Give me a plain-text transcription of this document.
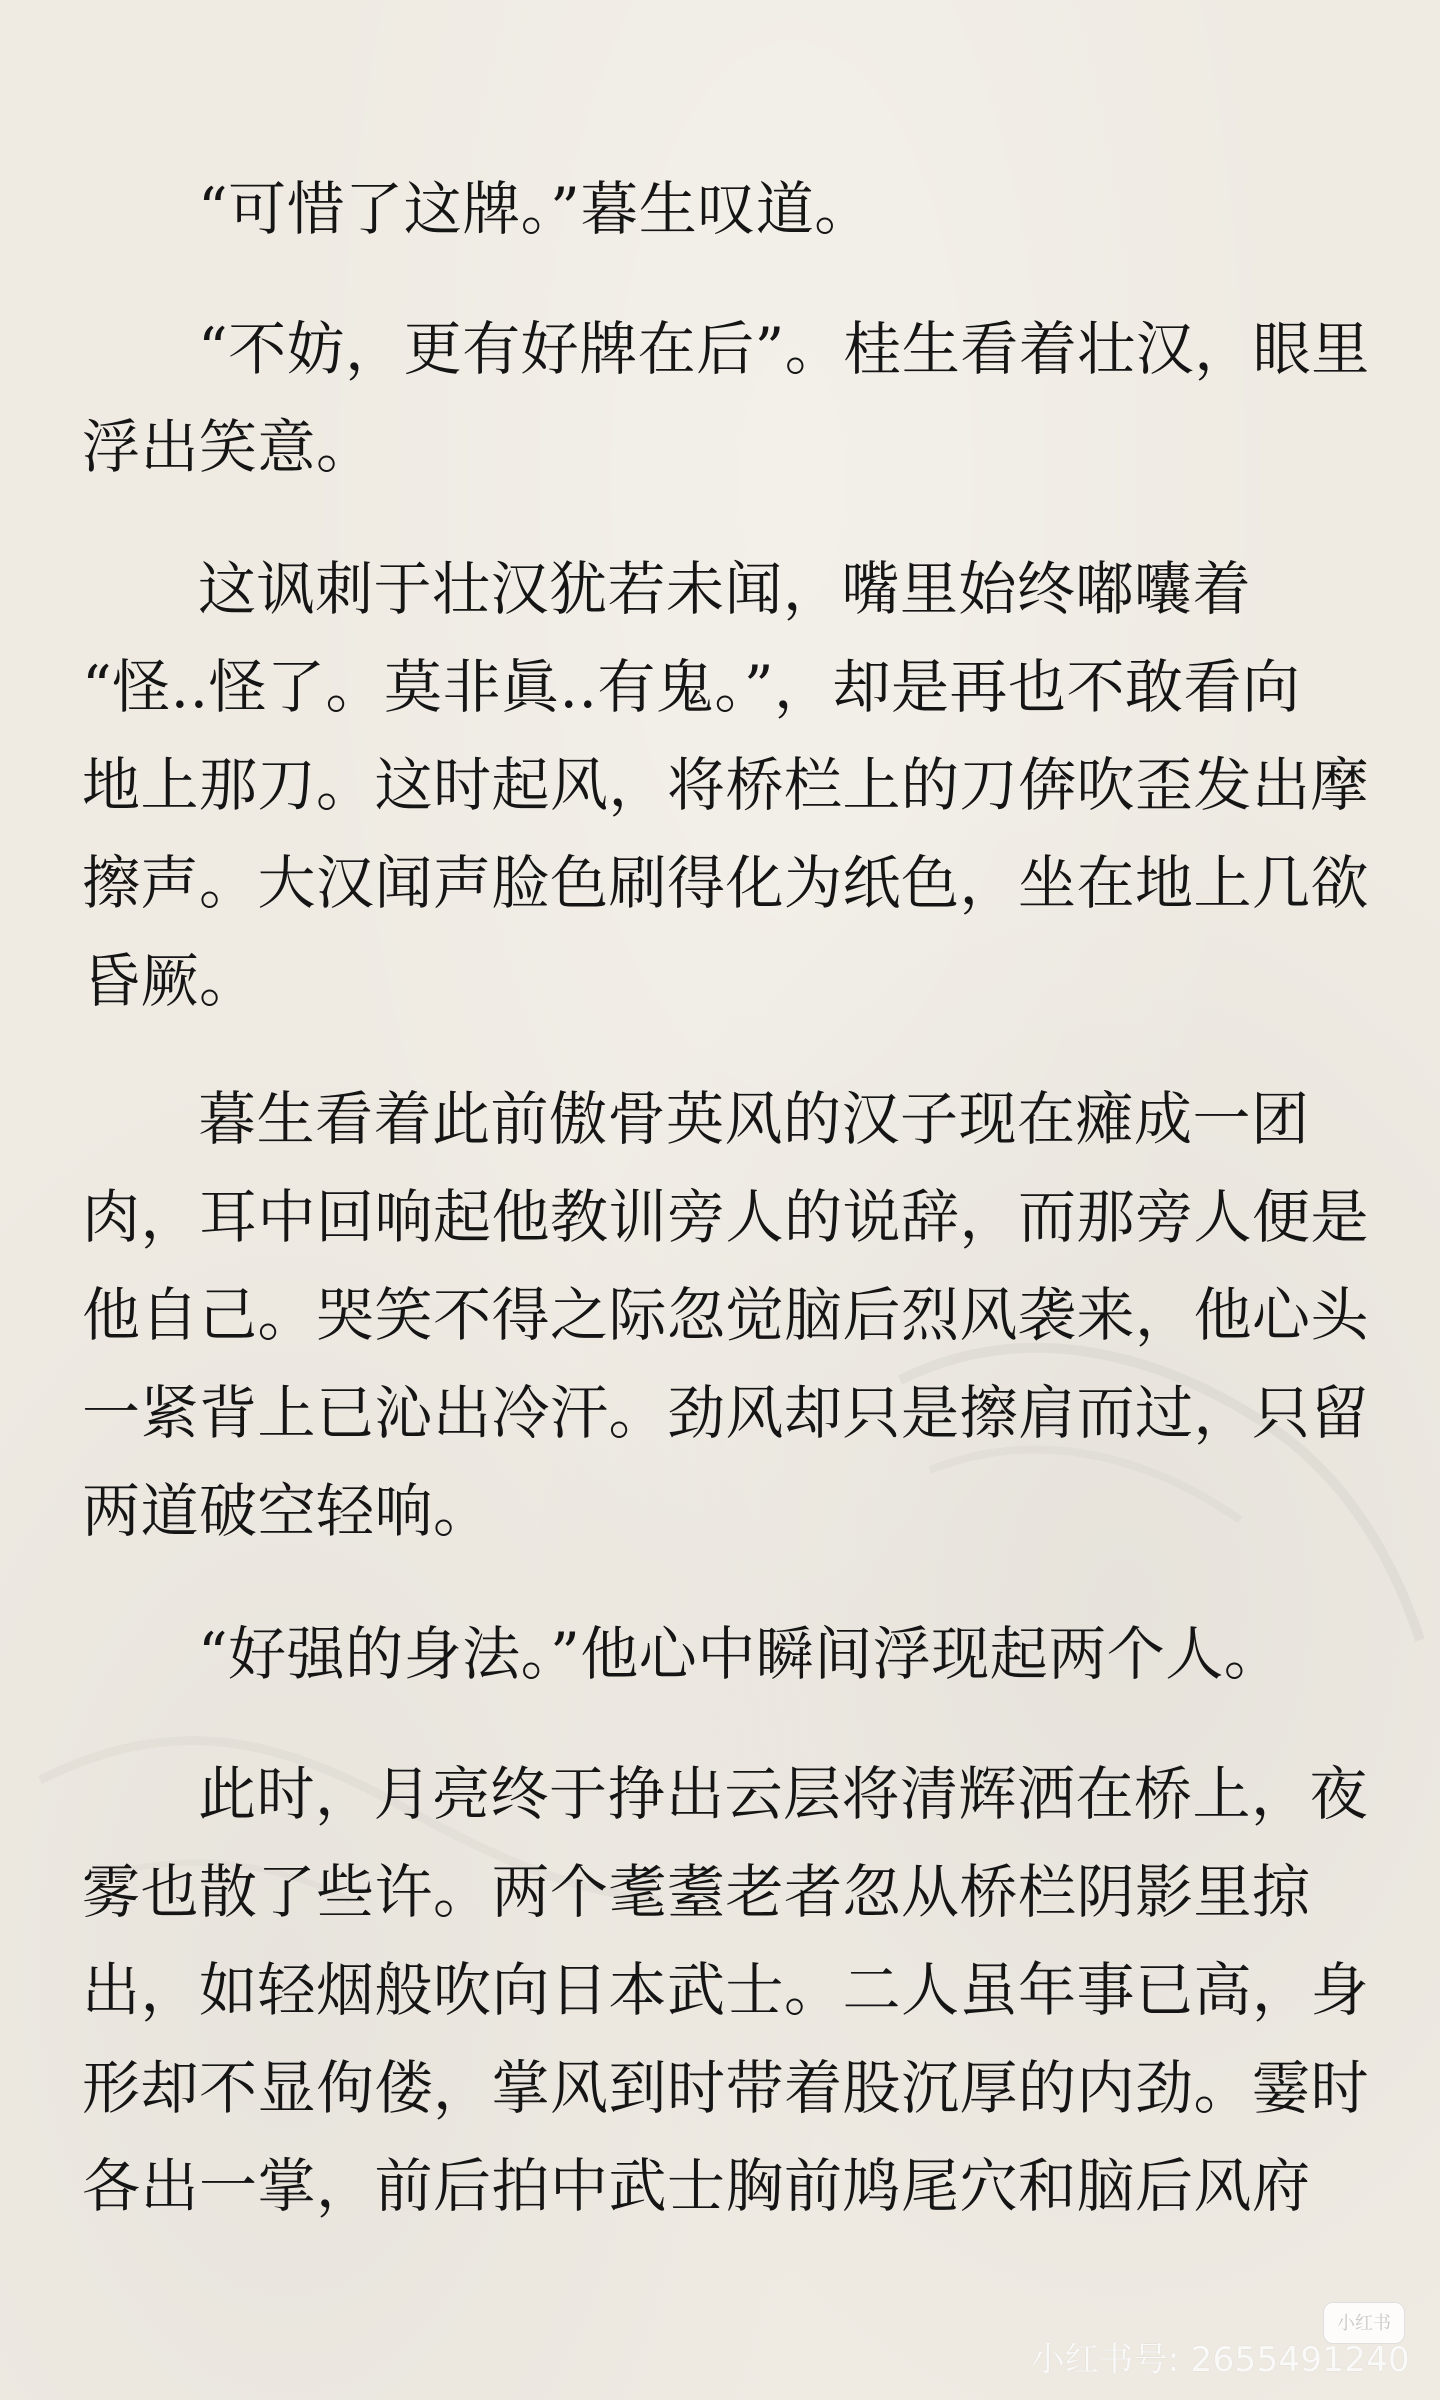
“可惜了这牌。”暮生叹道。

“不妨，更有好牌在后”。桂生看着壮汉，眼里
浮出笑意。

这讽刺于壮汉犹若未闻，嘴里始终嘟囔着
“怪..怪了。莫非眞..有鬼。”，却是再也不敢看向
地上那刀。这时起风，将桥栏上的刀倴吹歪发出摩
擦声。大汉闻声脸色刷得化为纸色，坐在地上几欲
昏厥。

暮生看着此前傲骨英风的汉子现在瘫成一团
肉，耳中回响起他教训旁人的说辞，而那旁人便是
他自己。哭笑不得之际忽觉脑后烈风袭来，他心头
一紧背上已沁出冷汗。劲风却只是擦肩而过，只留
两道破空轻响。

“好强的身法。”他心中瞬间浮现起两个人。

此时，月亮终于挣出云层将清辉洒在桥上，夜
雾也散了些许。两个耄耋老者忽从桥栏阴影里掠
出，如轻烟般吹向日本武士。二人虽年事已高，身
形却不显佝偻，掌风到时带着股沉厚的内劲。霎时
各出一掌，前后拍中武士胸前鸠尾穴和脑后风府

小红书
小红书号: 2655491240
